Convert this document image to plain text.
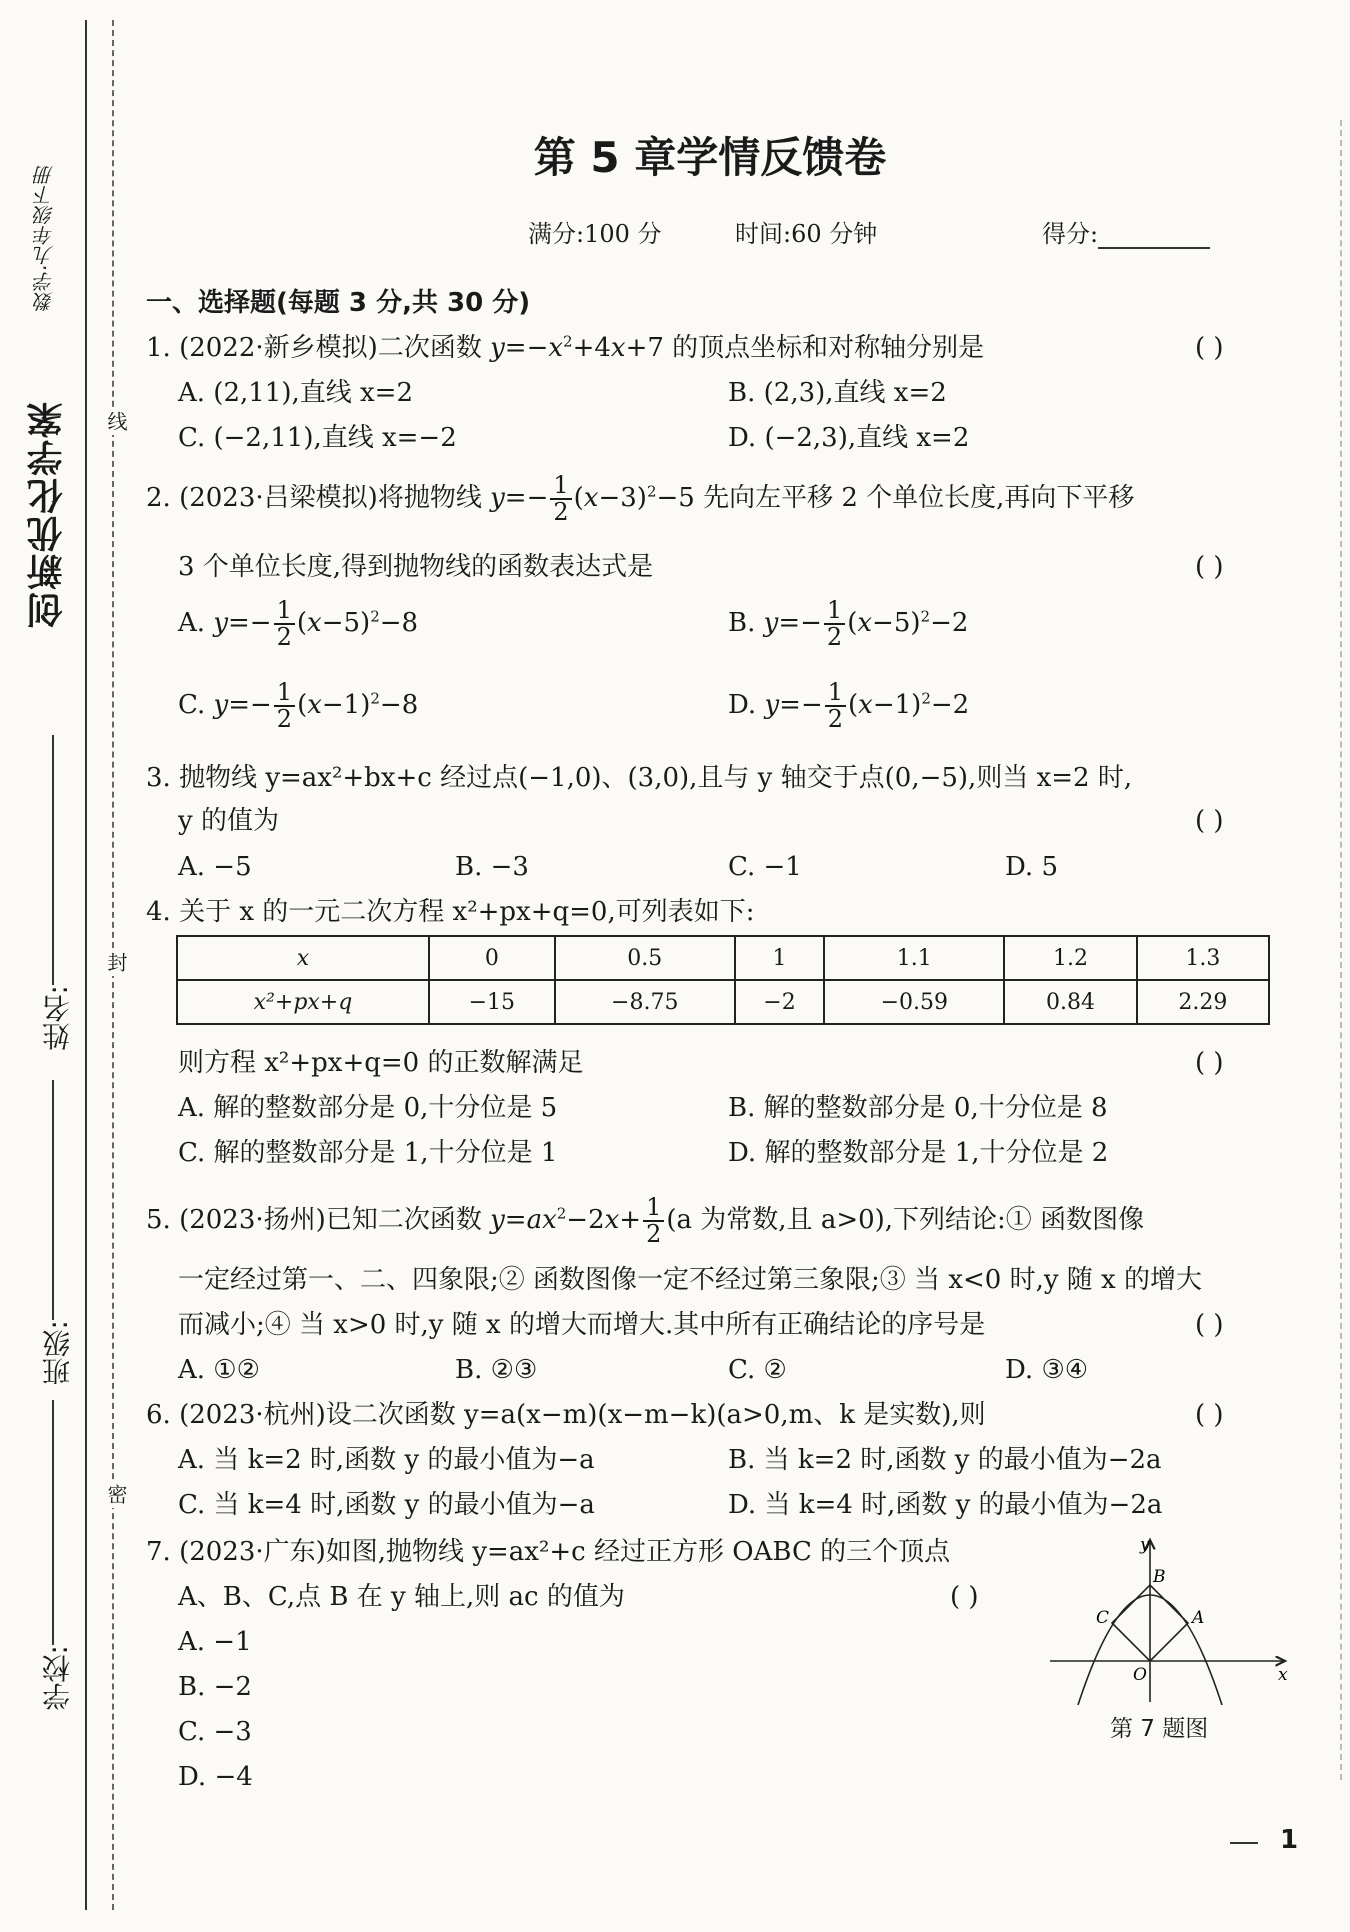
创新优化学案
数学·九年级下册
姓名:
班级:
学校:
线
封
密
第 5 章学情反馈卷
满分:100 分	时间:60 分钟	得分:
一、选择题(每题 3 分,共 30 分)
1. (2022·新乡模拟)二次函数 $y=-x^2+4x+7$ 的顶点坐标和对称轴分别是	( )
A. (2,11),直线 x=2	B. (2,3),直线 x=2
C. (−2,11),直线 x=−2	D. (−2,3),直线 x=2
2. (2023·吕梁模拟)将抛物线 $y=- \frac{1}{2} (x-3)^2-5$ 先向左平移 2 个单位长度,再向下平移
3 个单位长度,得到抛物线的函数表达式是	( )
A. $y=- \frac{1}{2} (x-5)^2-8$	B. $y=- \frac{1}{2} (x-5)^2-2$
C. $y=- \frac{1}{2} (x-1)^2-8$	D. $y=- \frac{1}{2} (x-1)^2-2$
3. 抛物线 y=ax²+bx+c 经过点(−1,0)、(3,0),且与 y 轴交于点(0,−5),则当 x=2 时,
y 的值为	( )
A. −5	B. −3	C. −1	D. 5
4. 关于 x 的一元二次方程 x²+px+q=0,可列表如下:
x	0	0.5	1	1.1	1.2	1.3
x²+px+q	−15	−8.75	−2	−0.59	0.84	2.29
则方程 x²+px+q=0 的正数解满足	( )
A. 解的整数部分是 0,十分位是 5	B. 解的整数部分是 0,十分位是 8
C. 解的整数部分是 1,十分位是 1	D. 解的整数部分是 1,十分位是 2
5. (2023·扬州)已知二次函数 $y=ax^2-2x+ \frac{1}{2} (a$ 为常数,且 a>0),下列结论:① 函数图像
一定经过第一、二、四象限;② 函数图像一定不经过第三象限;③ 当 x<0 时,y 随 x 的增大
而减小;④ 当 x>0 时,y 随 x 的增大而增大.其中所有正确结论的序号是	( )
A. ①②	B. ②③	C. ②	D. ③④
6. (2023·杭州)设二次函数 y=a(x−m)(x−m−k)(a>0,m、k 是实数),则	( )
A. 当 k=2 时,函数 y 的最小值为−a	B. 当 k=2 时,函数 y 的最小值为−2a
C. 当 k=4 时,函数 y 的最小值为−a	D. 当 k=4 时,函数 y 的最小值为−2a
7. (2023·广东)如图,抛物线 y=ax²+c 经过正方形 OABC 的三个顶点
A、B、C,点 B 在 y 轴上,则 ac 的值为	( )
A. −1
B. −2
C. −3
D. −4
y
B
A
C
O	x
第 7 题图
1
